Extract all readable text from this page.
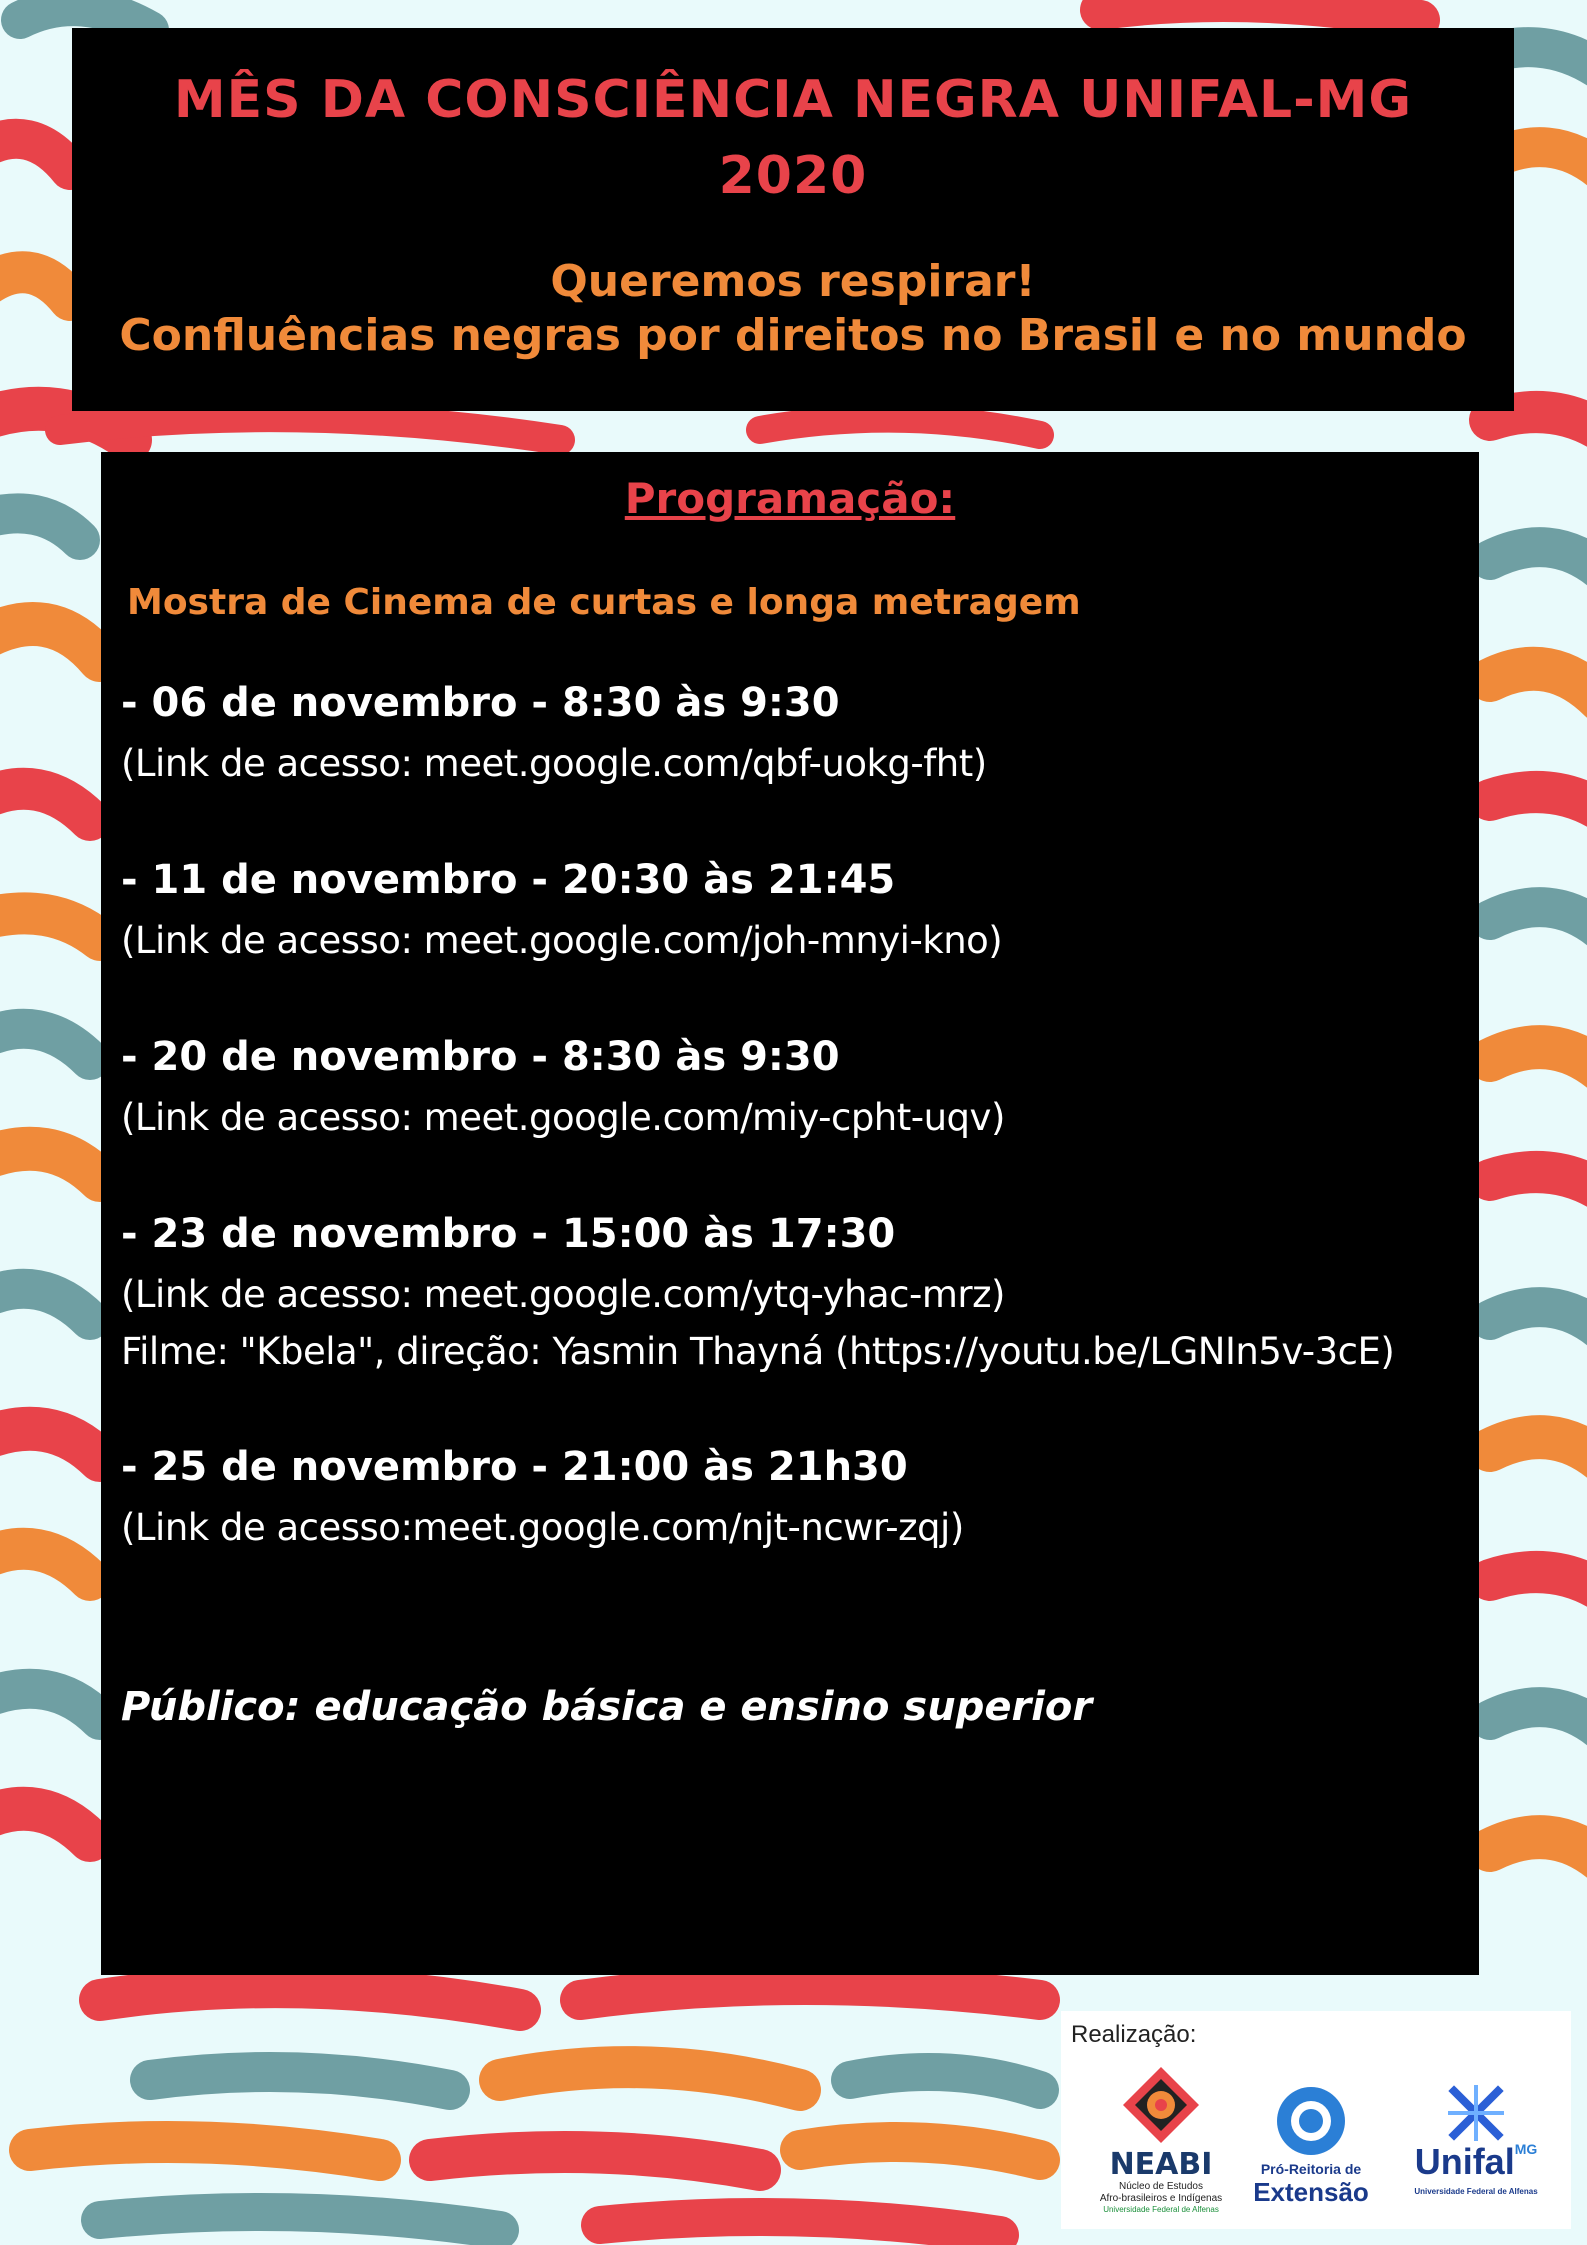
MÊS DA CONSCIÊNCIA NEGRA UNIFAL-MG
2020
Queremos respirar!
Confluências negras por direitos no Brasil e no mundo
Programação:
Mostra de Cinema de curtas e longa metragem
- 06 de novembro - 8:30 às 9:30
(Link de acesso: meet.google.com/qbf-uokg-fht)
- 11 de novembro - 20:30 às 21:45
(Link de acesso: meet.google.com/joh-mnyi-kno)
- 20 de novembro - 8:30 às 9:30
(Link de acesso: meet.google.com/miy-cpht-uqv)
- 23 de novembro - 15:00 às 17:30
(Link de acesso: meet.google.com/ytq-yhac-mrz)
Filme: "Kbela", direção: Yasmin Thayná (https://youtu.be/LGNIn5v-3cE)
- 25 de novembro - 21:00 às 21h30
(Link de acesso:meet.google.com/njt-ncwr-zqj)
Público: educação básica e ensino superior
Realização:
NEABI
Núcleo de Estudos
Afro-brasileiros e Indígenas
Universidade Federal de Alfenas
Pró-Reitoria de
Extensão
Unifal$^{MG}$
Universidade Federal de Alfenas
